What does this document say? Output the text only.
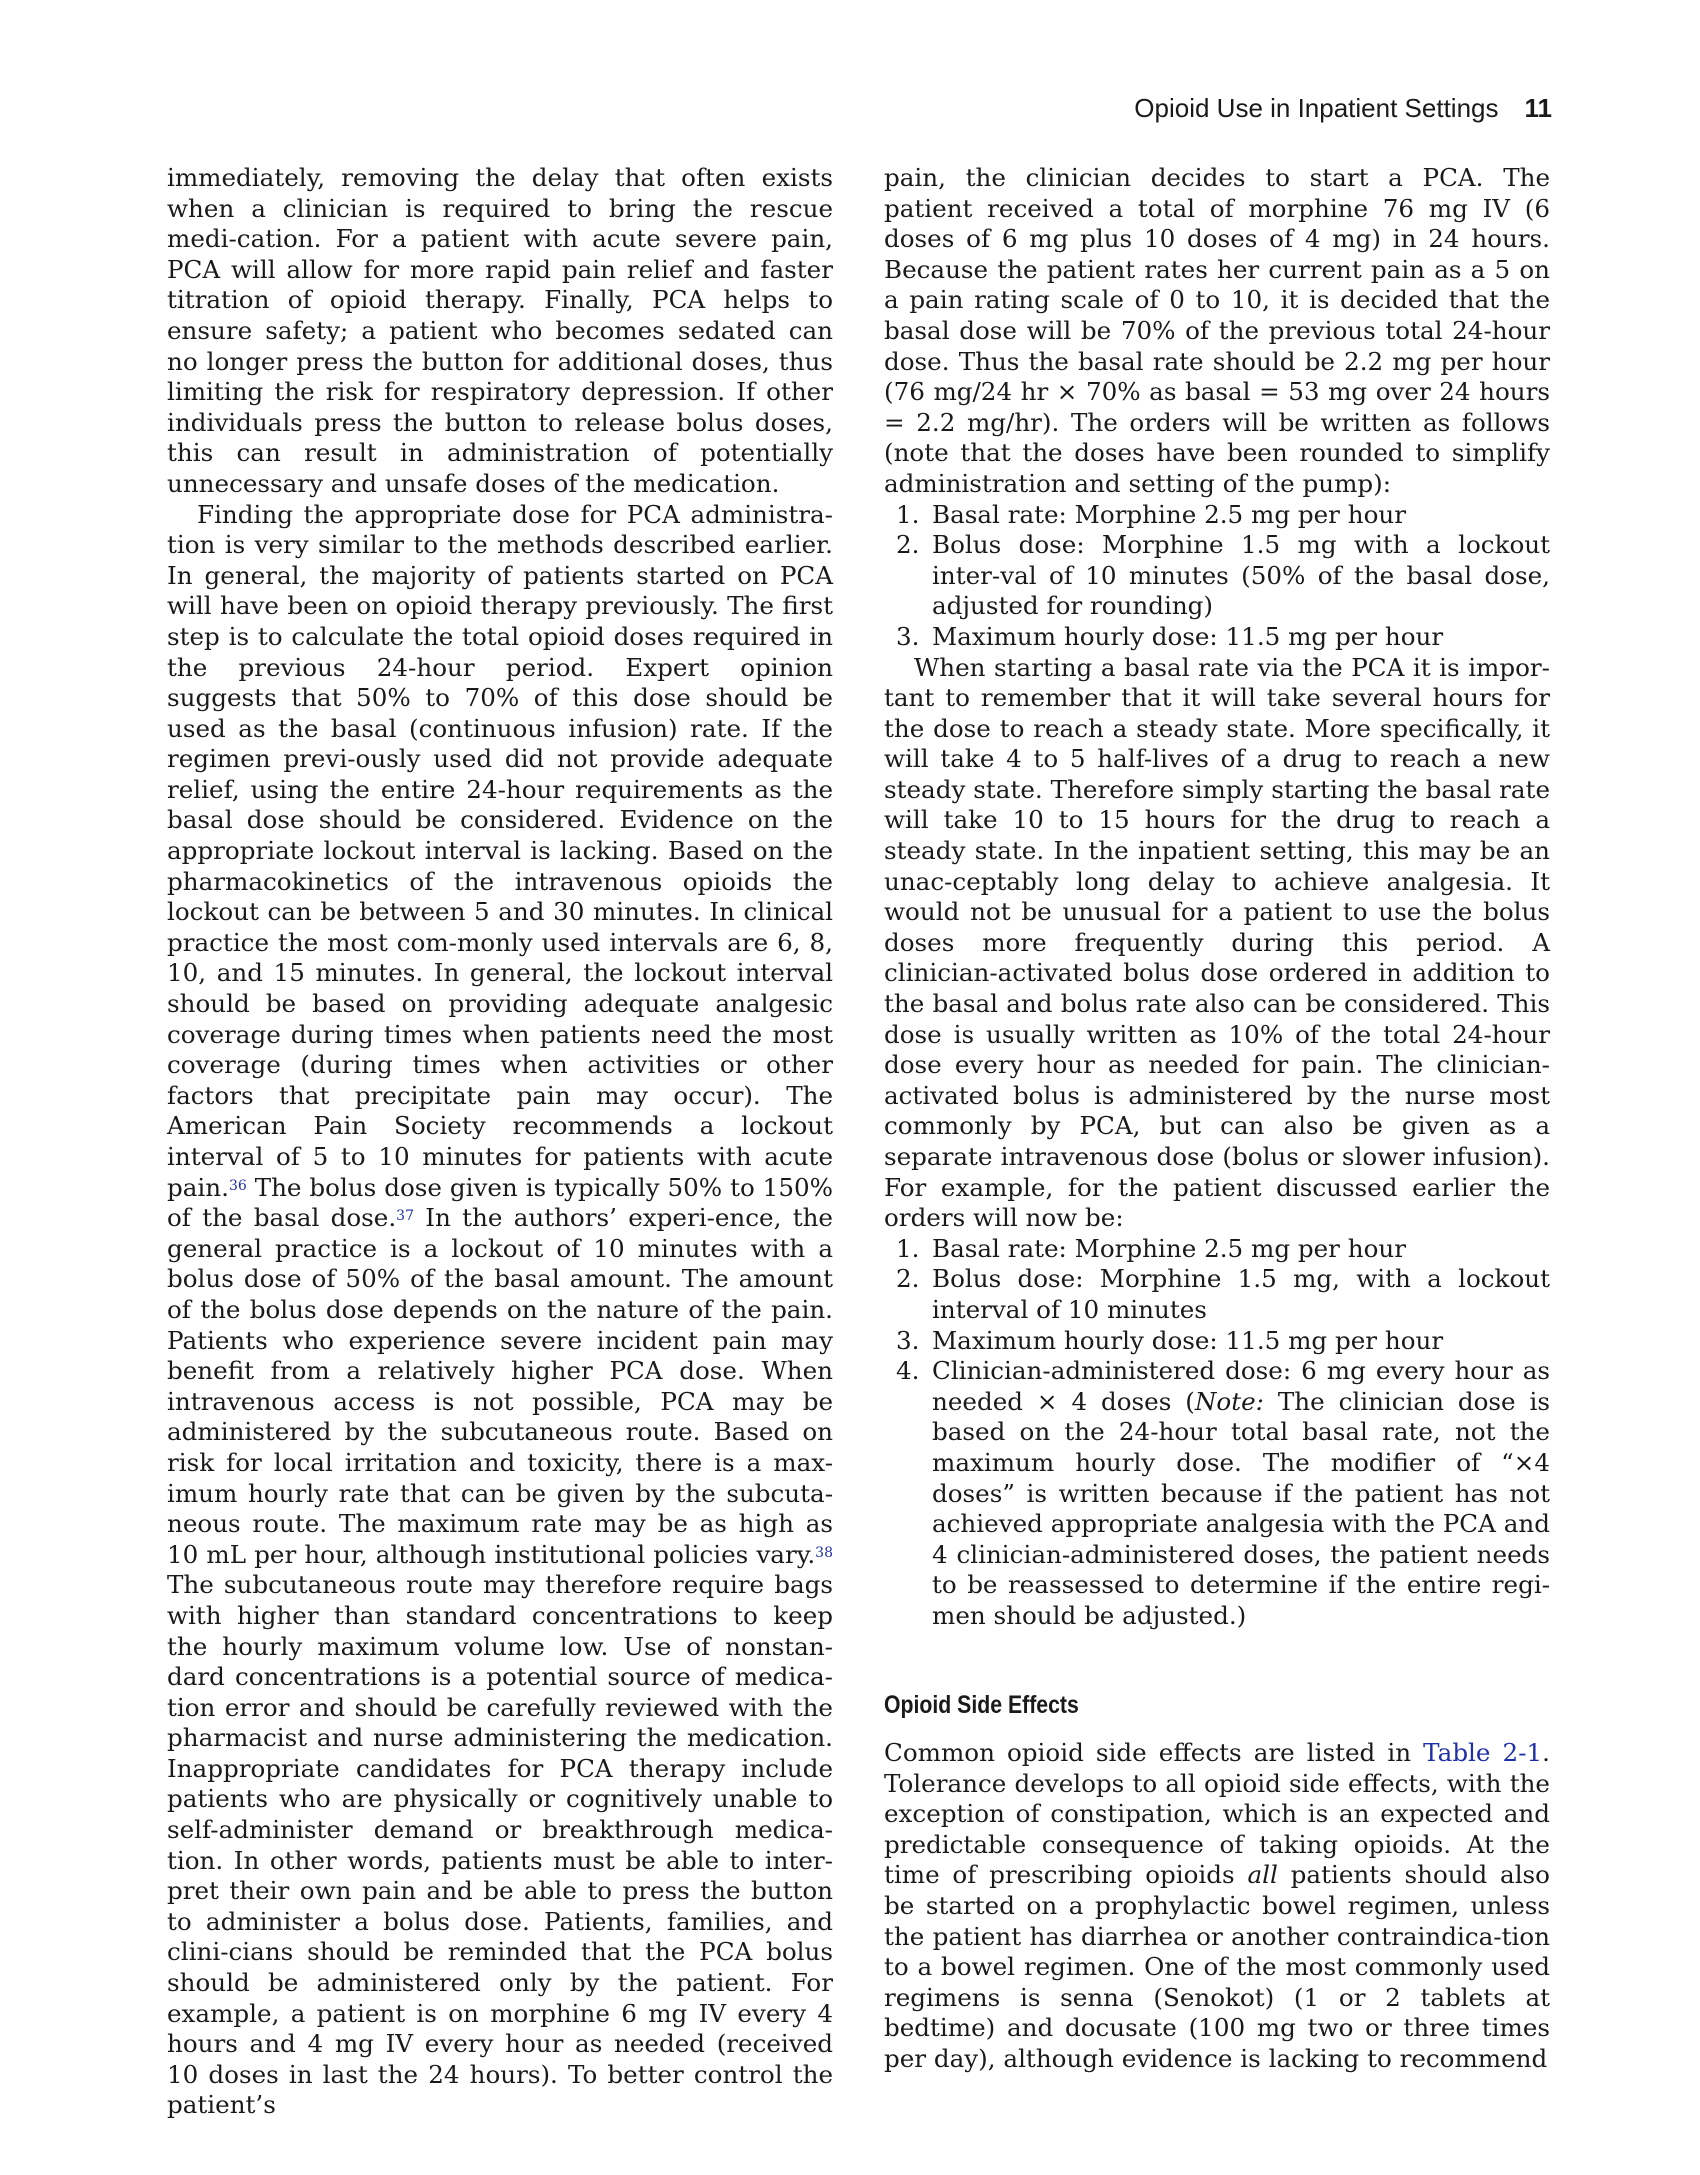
Opioid Use in Inpatient Settings 11

immediately, removing the delay that often exists when a clinician is required to bring the rescue medi-cation. For a patient with acute severe pain, PCA will allow for more rapid pain relief and faster titration of opioid therapy. Finally, PCA helps to ensure safety; a patient who becomes sedated can no longer press the button for additional doses, thus limiting the risk for respiratory depression. If other individuals press the button to release bolus doses, this can result in administration of potentially unnecessary and unsafe doses of the medication.

Finding the appropriate dose for PCA administra-tion is very similar to the methods described earlier. In general, the majority of patients started on PCA will have been on opioid therapy previously. The first step is to calculate the total opioid doses required in the previous 24-hour period. Expert opinion suggests that 50% to 70% of this dose should be used as the basal (continuous infusion) rate. If the regimen previ-ously used did not provide adequate relief, using the entire 24-hour requirements as the basal dose should be considered. Evidence on the appropriate lockout interval is lacking. Based on the pharmacokinetics of the intravenous opioids the lockout can be between 5 and 30 minutes. In clinical practice the most com-monly used intervals are 6, 8, 10, and 15 minutes. In general, the lockout interval should be based on providing adequate analgesic coverage during times when patients need the most coverage (during times when activities or other factors that precipitate pain may occur). The American Pain Society recommends a lockout interval of 5 to 10 minutes for patients with acute pain.$^{36}$ The bolus dose given is typically 50% to 150% of the basal dose.$^{37}$ In the authors’ experi-ence, the general practice is a lockout of 10 minutes with a bolus dose of 50% of the basal amount. The amount of the bolus dose depends on the nature of the pain. Patients who experience severe incident pain may benefit from a relatively higher PCA dose. When intravenous access is not possible, PCA may be administered by the subcutaneous route. Based on risk for local irritation and toxicity, there is a max-imum hourly rate that can be given by the subcuta-neous route. The maximum rate may be as high as 10 mL per hour, although institutional policies vary.$^{38}$ The subcutaneous route may therefore require bags with higher than standard concentrations to keep the hourly maximum volume low. Use of nonstan-dard concentrations is a potential source of medica-tion error and should be carefully reviewed with the pharmacist and nurse administering the medication. Inappropriate candidates for PCA therapy include patients who are physically or cognitively unable to self-administer demand or breakthrough medica-tion. In other words, patients must be able to inter-pret their own pain and be able to press the button to administer a bolus dose. Patients, families, and clini-cians should be reminded that the PCA bolus should be administered only by the patient. For example, a patient is on morphine 6 mg IV every 4 hours and 4 mg IV every hour as needed (received 10 doses in last the 24 hours). To better control the patient’s

pain, the clinician decides to start a PCA. The patient received a total of morphine 76 mg IV (6 doses of 6 mg plus 10 doses of 4 mg) in 24 hours. Because the patient rates her current pain as a 5 on a pain rating scale of 0 to 10, it is decided that the basal dose will be 70% of the previous total 24-hour dose. Thus the basal rate should be 2.2 mg per hour (76 mg/24 hr × 70% as basal = 53 mg over 24 hours = 2.2 mg/hr). The orders will be written as follows (note that the doses have been rounded to simplify administration and setting of the pump):

1. Basal rate: Morphine 2.5 mg per hour
2. Bolus dose: Morphine 1.5 mg with a lockout inter-val of 10 minutes (50% of the basal dose, adjusted for rounding)
3. Maximum hourly dose: 11.5 mg per hour

When starting a basal rate via the PCA it is impor-tant to remember that it will take several hours for the dose to reach a steady state. More specifically, it will take 4 to 5 half-lives of a drug to reach a new steady state. Therefore simply starting the basal rate will take 10 to 15 hours for the drug to reach a steady state. In the inpatient setting, this may be an unac-ceptably long delay to achieve analgesia. It would not be unusual for a patient to use the bolus doses more frequently during this period. A clinician-activated bolus dose ordered in addition to the basal and bolus rate also can be considered. This dose is usually written as 10% of the total 24-hour dose every hour as needed for pain. The clinician-activated bolus is administered by the nurse most commonly by PCA, but can also be given as a separate intravenous dose (bolus or slower infusion). For example, for the patient discussed earlier the orders will now be:

1. Basal rate: Morphine 2.5 mg per hour
2. Bolus dose: Morphine 1.5 mg, with a lockout interval of 10 minutes
3. Maximum hourly dose: 11.5 mg per hour
4. Clinician-administered dose: 6 mg every hour as needed × 4 doses (Note: The clinician dose is based on the 24-hour total basal rate, not the maximum hourly dose. The modifier of “×4 doses” is written because if the patient has not achieved appropriate analgesia with the PCA and 4 clinician-administered doses, the patient needs to be reassessed to determine if the entire regi-men should be adjusted.)
Opioid Side Effects

Common opioid side effects are listed in Table 2-1. Tolerance develops to all opioid side effects, with the exception of constipation, which is an expected and predictable consequence of taking opioids. At the time of prescribing opioids all patients should also be started on a prophylactic bowel regimen, unless the patient has diarrhea or another contraindica-tion to a bowel regimen. One of the most commonly used regimens is senna (Senokot) (1 or 2 tablets at bedtime) and docusate (100 mg two or three times per day), although evidence is lacking to recommend
